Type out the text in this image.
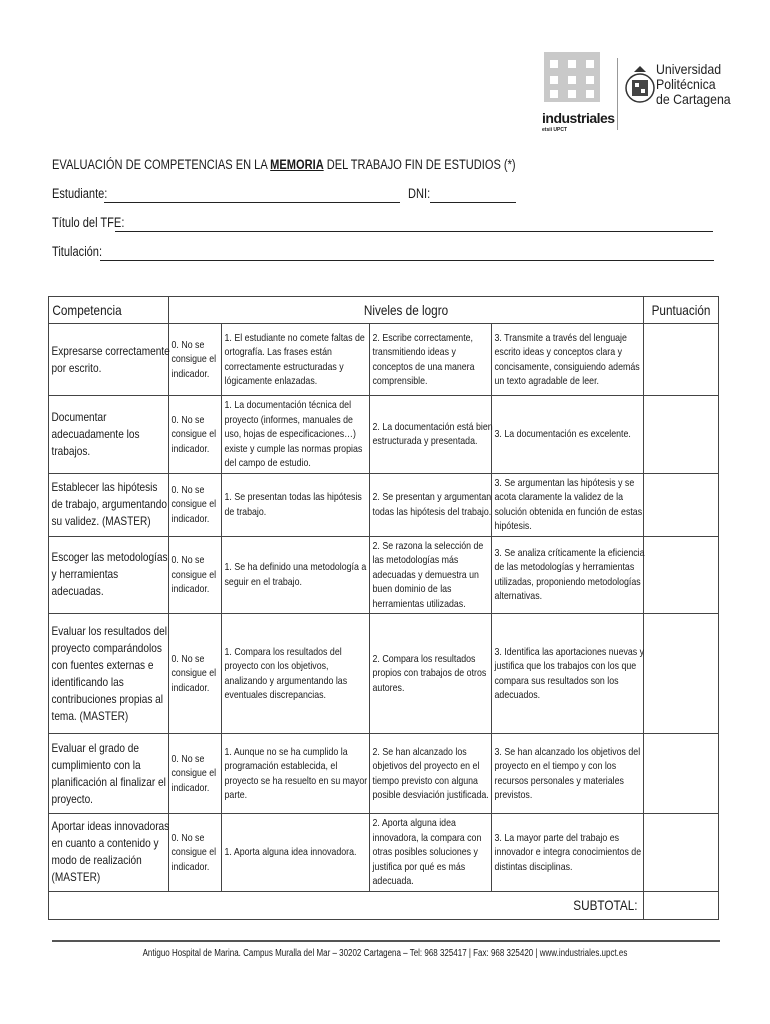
industriales
etsii UPCT
Universidad
Politécnica
de Cartagena
EVALUACIÓN DE COMPETENCIAS EN LA MEMORIA DEL TRABAJO FIN DE ESTUDIOS (*)
Estudiante:	DNI:
Título del TFE:
Titulación:
Competencia	Niveles de logro				Puntuación

Expresarse correctamente por escrito.	0. No se consigue el indicador.	1. El estudiante no comete faltas de ortografía. Las frases están correctamente estructuradas y lógicamente enlazadas.	2. Escribe correctamente, transmitiendo ideas y conceptos de una manera comprensible.	3. Transmite a través del lenguaje escrito ideas y conceptos clara y concisamente, consiguiendo además un texto agradable de leer.	

Documentar adecuadamente los trabajos.	0. No se consigue el indicador.	1. La documentación técnica del proyecto (informes, manuales de uso, hojas de especificaciones…) existe y cumple las normas propias del campo de estudio.	2. La documentación está bien estructurada y presentada.	3. La documentación es excelente.	

Establecer las hipótesis de trabajo, argumentando su validez. (MASTER)	0. No se consigue el indicador.	1. Se presentan todas las hipótesis de trabajo.	2. Se presentan y argumentan todas las hipótesis del trabajo.	3. Se argumentan las hipótesis y se acota claramente la validez de la solución obtenida en función de estas hipótesis.	

Escoger las metodologías y herramientas adecuadas.	0. No se consigue el indicador.	1. Se ha definido una metodología a seguir en el trabajo.	2. Se razona la selección de las metodologías más adecuadas y demuestra un buen dominio de las herramientas utilizadas.	3. Se analiza críticamente la eficiencia de las metodologías y herramientas utilizadas, proponiendo metodologías alternativas.	

Evaluar los resultados del proyecto comparándolos con fuentes externas e identificando las contribuciones propias al tema. (MASTER)	0. No se consigue el indicador.	1. Compara los resultados del proyecto con los objetivos, analizando y argumentando las eventuales discrepancias.	2. Compara los resultados propios con trabajos de otros autores.	3. Identifica las aportaciones nuevas y justifica que los trabajos con los que compara sus resultados son los adecuados.	

Evaluar el grado de cumplimiento con la planificación al finalizar el proyecto.	0. No se consigue el indicador.	1. Aunque no se ha cumplido la programación establecida, el proyecto se ha resuelto en su mayor parte.	2. Se han alcanzado los objetivos del proyecto en el tiempo previsto con alguna posible desviación justificada.	3. Se han alcanzado los objetivos del proyecto en el tiempo y con los recursos personales y materiales previstos.	

Aportar ideas innovadoras en cuanto a contenido y modo de realización (MASTER)	0. No se consigue el indicador.	1. Aporta alguna idea innovadora.	2. Aporta alguna idea innovadora, la compara con otras posibles soluciones y justifica por qué es más adecuada.	3. La mayor parte del trabajo es innovador e integra conocimientos de distintas disciplinas.	

SUBTOTAL:					
Antiguo Hospital de Marina. Campus Muralla del Mar – 30202 Cartagena – Tel: 968 325417 | Fax: 968 325420 | www.industriales.upct.es
